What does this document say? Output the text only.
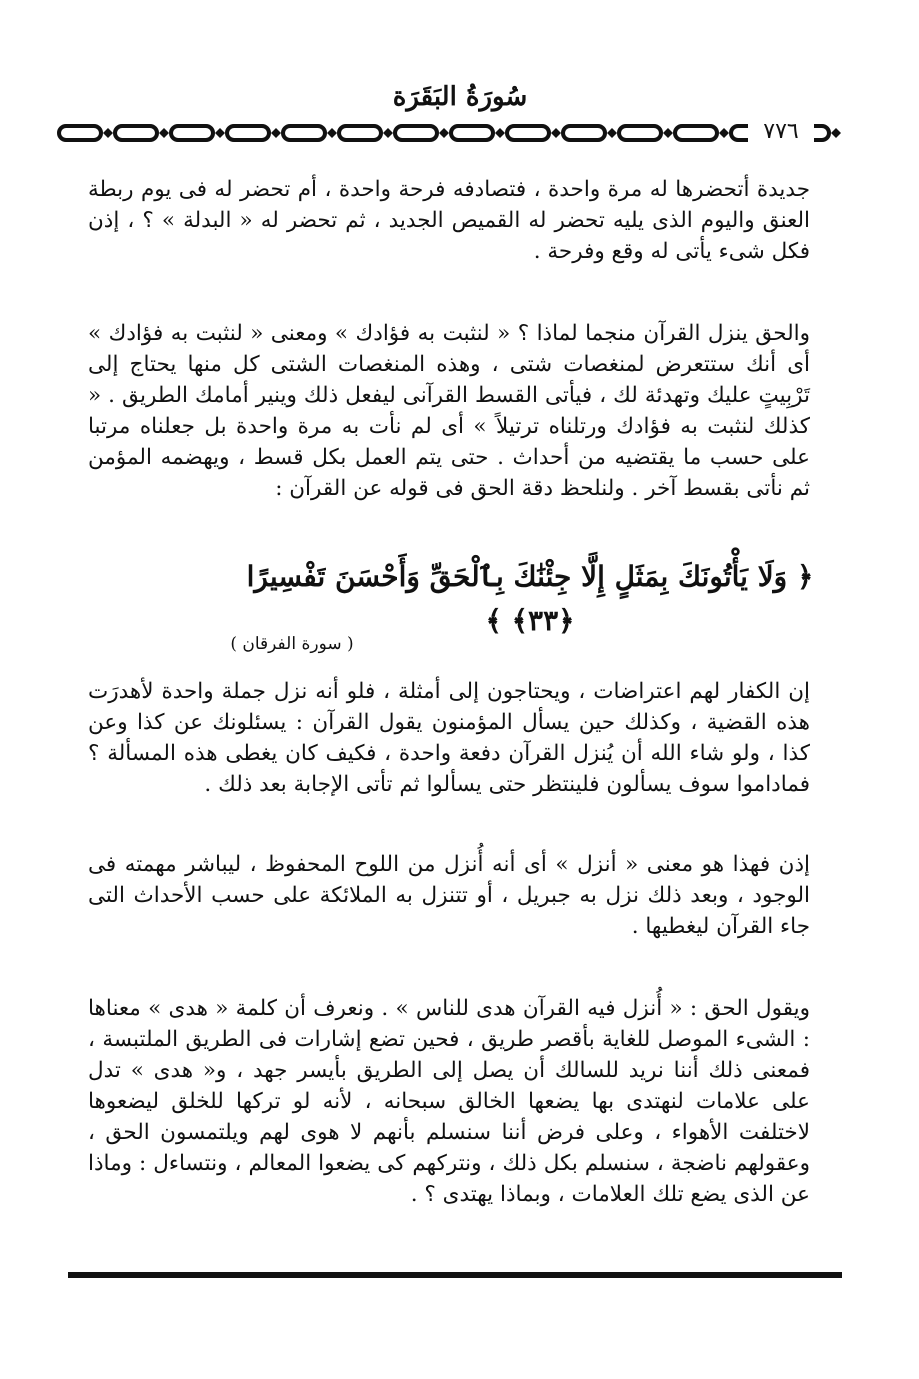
سُورَةُ البَقَرَة
٧٧٦

جديدة أتحضرها له مرة واحدة ، فتصادفه فرحة واحدة ، أم تحضر له فى يوم ربطة العنق واليوم الذى يليه تحضر له القميص الجديد ، ثم تحضر له « البدلة » ؟ ، إذن فكل شىء يأتى له وقع وفرحة .

والحق ينزل القرآن منجما لماذا ؟ « لنثبت به فؤادك » ومعنى « لنثبت به فؤادك » أى أنك ستتعرض لمنغصات شتى ، وهذه المنغصات الشتى كل منها يحتاج إلى تَرْبِيتٍ عليك وتهدئة لك ، فيأتى القسط القرآنى ليفعل ذلك وينير أمامك الطريق . « كذلك لنثبت به فؤادك ورتلناه ترتيلاً » أى لم نأت به مرة واحدة بل جعلناه مرتبا على حسب ما يقتضيه من أحداث . حتى يتم العمل بكل قسط ، ويهضمه المؤمن ثم نأتى بقسط آخر . ولنلحظ دقة الحق فى قوله عن القرآن :

﴿ وَلَا يَأْتُونَكَ بِمَثَلٍ إِلَّا جِئْنَٰكَ بِٱلْحَقِّ وَأَحْسَنَ تَفْسِيرًا ﴿٣٣﴾ ﴾
( سورة الفرقان )

إن الكفار لهم اعتراضات ، ويحتاجون إلى أمثلة ، فلو أنه نزل جملة واحدة لأهدرَت هذه القضية ، وكذلك حين يسأل المؤمنون يقول القرآن : يسئلونك عن كذا وعن كذا ، ولو شاء الله أن يُنزل القرآن دفعة واحدة ، فكيف كان يغطى هذه المسألة ؟ فماداموا سوف يسألون فلينتظر حتى يسألوا ثم تأتى الإجابة بعد ذلك .

إذن فهذا هو معنى « أنزل » أى أنه أُنزل من اللوح المحفوظ ، ليباشر مهمته فى الوجود ، وبعد ذلك نزل به جبريل ، أو تتنزل به الملائكة على حسب الأحداث التى جاء القرآن ليغطيها .

ويقول الحق : « أُنزل فيه القرآن هدى للناس » . ونعرف أن كلمة « هدى » معناها : الشىء الموصل للغاية بأقصر طريق ، فحين تضع إشارات فى الطريق الملتبسة ، فمعنى ذلك أننا نريد للسالك أن يصل إلى الطريق بأيسر جهد ، و« هدى » تدل على علامات لنهتدى بها يضعها الخالق سبحانه ، لأنه لو تركها للخلق ليضعوها لاختلفت الأهواء ، وعلى فرض أننا سنسلم بأنهم لا هوى لهم ويلتمسون الحق ، وعقولهم ناضجة ، سنسلم بكل ذلك ، ونتركهم كى يضعوا المعالم ، ونتساءل : وماذا عن الذى يضع تلك العلامات ، وبماذا يهتدى ؟ .
